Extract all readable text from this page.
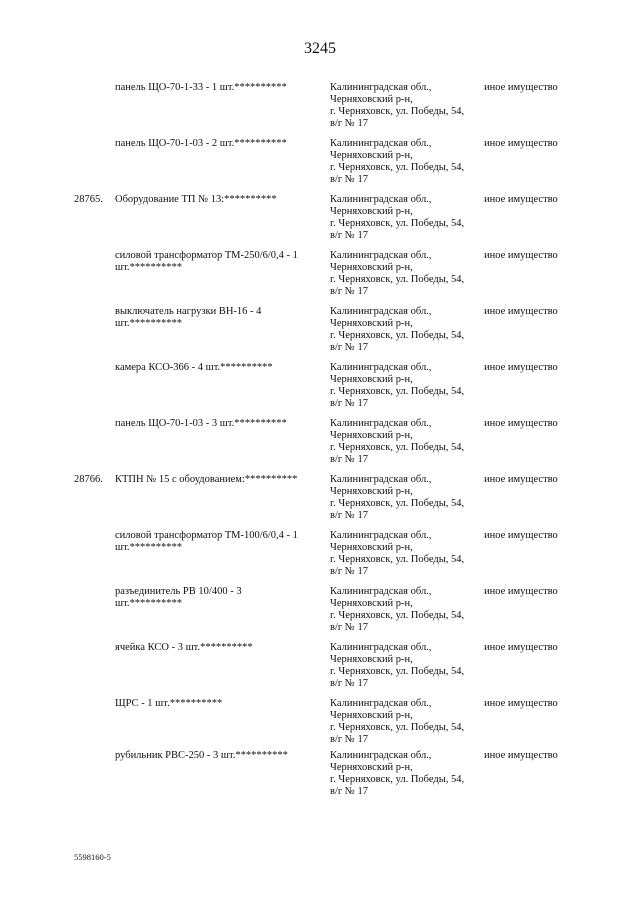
3245
панель ЩО-70-1-33 - 1 шт.**********	Калининградская обл.,
Черняховский р-н,
г. Черняховск, ул. Победы, 54,
в/г № 17
иное имущество
панель ЩО-70-1-03 - 2 шт.**********	Калининградская обл.,
Черняховский р-н,
г. Черняховск, ул. Победы, 54,
в/г № 17
иное имущество
28765.	Оборудование ТП № 13:**********	Калининградская обл.,
Черняховский р-н,
г. Черняховск, ул. Победы, 54,
в/г № 17
иное имущество
силовой трансформатор ТМ-250/6/0,4 - 1 шт.**********
Калининградская обл.,
Черняховский р-н,
г. Черняховск, ул. Победы, 54,
в/г № 17
иное имущество
выключатель нагрузки ВН-16 - 4 шт.**********
Калининградская обл.,
Черняховский р-н,
г. Черняховск, ул. Победы, 54,
в/г № 17
иное имущество
камера КСО-366 - 4 шт.**********	Калининградская обл.,
Черняховский р-н,
г. Черняховск, ул. Победы, 54,
в/г № 17
иное имущество
панель ЩО-70-1-03 - 3 шт.**********	Калининградская обл.,
Черняховский р-н,
г. Черняховск, ул. Победы, 54,
в/г № 17
иное имущество
28766.	КТПН № 15 с обоудованием:**********	Калининградская обл.,
Черняховский р-н,
г. Черняховск, ул. Победы, 54,
в/г № 17
иное имущество
силовой трансформатор ТМ-100/6/0,4 - 1 шт.**********
Калининградская обл.,
Черняховский р-н,
г. Черняховск, ул. Победы, 54,
в/г № 17
иное имущество
разъединитель РВ 10/400 - 3 шт.**********
Калининградская обл.,
Черняховский р-н,
г. Черняховск, ул. Победы, 54,
в/г № 17
иное имущество
ячейка КСО - 3 шт.**********	Калининградская обл.,
Черняховский р-н,
г. Черняховск, ул. Победы, 54,
в/г № 17
иное имущество
ЩРС - 1 шт.**********	Калининградская обл.,
Черняховский р-н,
г. Черняховск, ул. Победы, 54,
в/г № 17
иное имущество
рубильник РВС-250 - 3 шт.**********	Калининградская обл.,
Черняховский р-н,
г. Черняховск, ул. Победы, 54,
в/г № 17
иное имущество
5598160-5
